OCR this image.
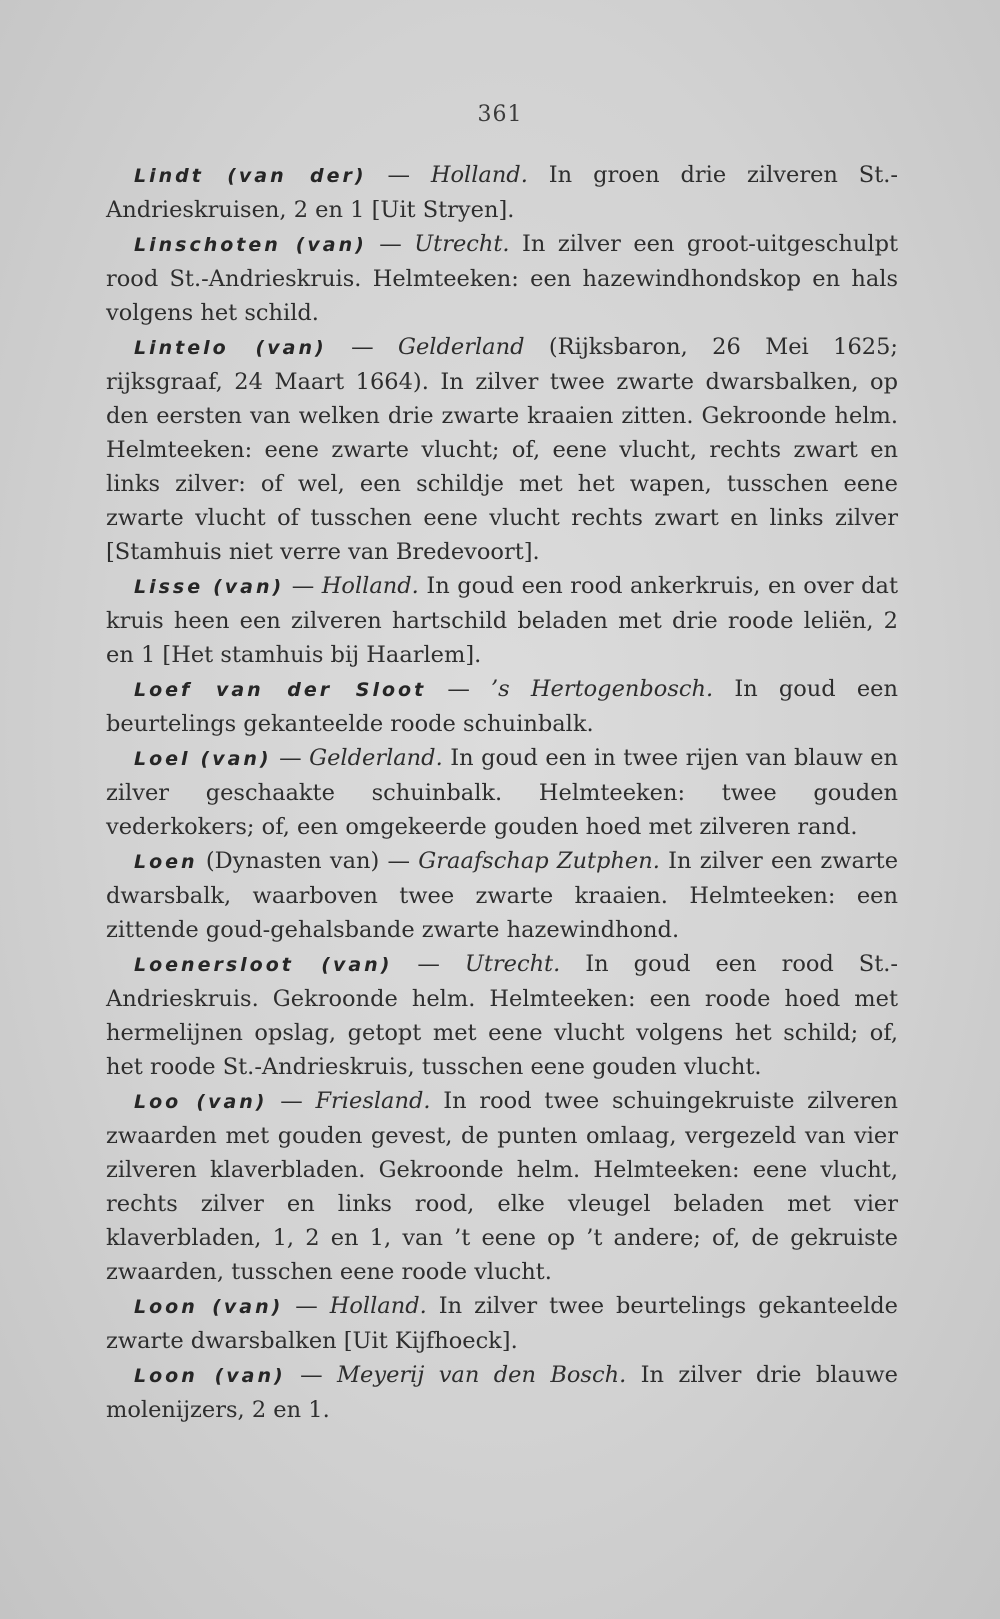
361

Lindt (van der) — Holland. In groen drie zilveren St.-Andrieskruisen, 2 en 1 [Uit Stryen].

Linschoten (van) — Utrecht. In zilver een groot-uitgeschulpt rood St.-Andrieskruis. Helmteeken: een hazewindhondskop en hals volgens het schild.

Lintelo (van) — Gelderland (Rijksbaron, 26 Mei 1625; rijksgraaf, 24 Maart 1664). In zilver twee zwarte dwarsbalken, op den eersten van welken drie zwarte kraaien zitten. Gekroonde helm. Helmteeken: eene zwarte vlucht; of, eene vlucht, rechts zwart en links zilver: of wel, een schildje met het wapen, tusschen eene zwarte vlucht of tusschen eene vlucht rechts zwart en links zilver [Stamhuis niet verre van Bredevoort].

Lisse (van) — Holland. In goud een rood ankerkruis, en over dat kruis heen een zilveren hartschild beladen met drie roode leliën, 2 en 1 [Het stamhuis bij Haarlem].

Loef van der Sloot — ’s Hertogenbosch. In goud een beurtelings gekanteelde roode schuinbalk.

Loel (van) — Gelderland. In goud een in twee rijen van blauw en zilver geschaakte schuinbalk. Helmteeken: twee gouden vederkokers; of, een omgekeerde gouden hoed met zilveren rand.

Loen (Dynasten van) — Graafschap Zutphen. In zilver een zwarte dwarsbalk, waarboven twee zwarte kraaien. Helmteeken: een zittende goud-gehalsbande zwarte hazewindhond.

Loenersloot (van) — Utrecht. In goud een rood St.-Andrieskruis. Gekroonde helm. Helmteeken: een roode hoed met hermelijnen opslag, getopt met eene vlucht volgens het schild; of, het roode St.-Andrieskruis, tusschen eene gouden vlucht.

Loo (van) — Friesland. In rood twee schuingekruiste zilveren zwaarden met gouden gevest, de punten omlaag, vergezeld van vier zilveren klaverbladen. Gekroonde helm. Helmteeken: eene vlucht, rechts zilver en links rood, elke vleugel beladen met vier klaverbladen, 1, 2 en 1, van ’t eene op ’t andere; of, de gekruiste zwaarden, tusschen eene roode vlucht.

Loon (van) — Holland. In zilver twee beurtelings gekanteelde zwarte dwarsbalken [Uit Kijfhoeck].

Loon (van) — Meyerij van den Bosch. In zilver drie blauwe molenijzers, 2 en 1.
